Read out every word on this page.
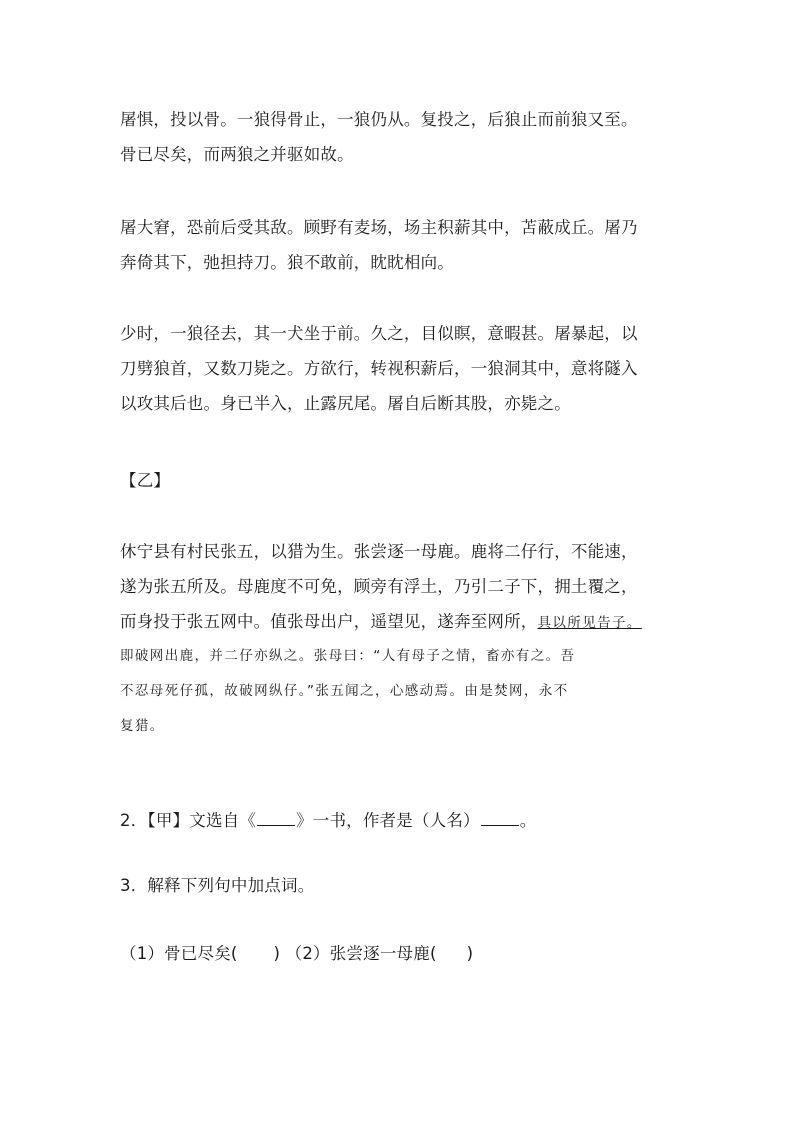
屠惧，投以骨。一狼得骨止，一狼仍从。复投之，后狼止而前狼又至。
骨已尽矣，而两狼之并驱如故。
屠大窘，恐前后受其敌。顾野有麦场，场主积薪其中，苫蔽成丘。屠乃
奔倚其下，弛担持刀。狼不敢前，眈眈相向。
少时，一狼径去，其一犬坐于前。久之，目似瞑，意暇甚。屠暴起，以
刀劈狼首，又数刀毙之。方欲行，转视积薪后，一狼洞其中，意将隧入
以攻其后也。身已半入，止露尻尾。屠自后断其股，亦毙之。
【乙】
休宁县有村民张五，以猎为生。张尝逐一母鹿。鹿将二仔行，不能速，
遂为张五所及。母鹿度不可免，顾旁有浮土，乃引二子下，拥土覆之，
而身投于张五网中。值张母出户，遥望见，遂奔至网所，具以所见告子。
即破网出鹿，并二仔亦纵之。张母曰：“人有母子之情，畜亦有之。吾
不忍母死仔孤，故破网纵仔。”张五闻之，心感动焉。由是焚网，永不
复猎。
2．【甲】文选自《 》一书，作者是（人名） 。
3．解释下列句中加点词。
（1）骨已尽矣( ) （2）张尝逐一母鹿( )
